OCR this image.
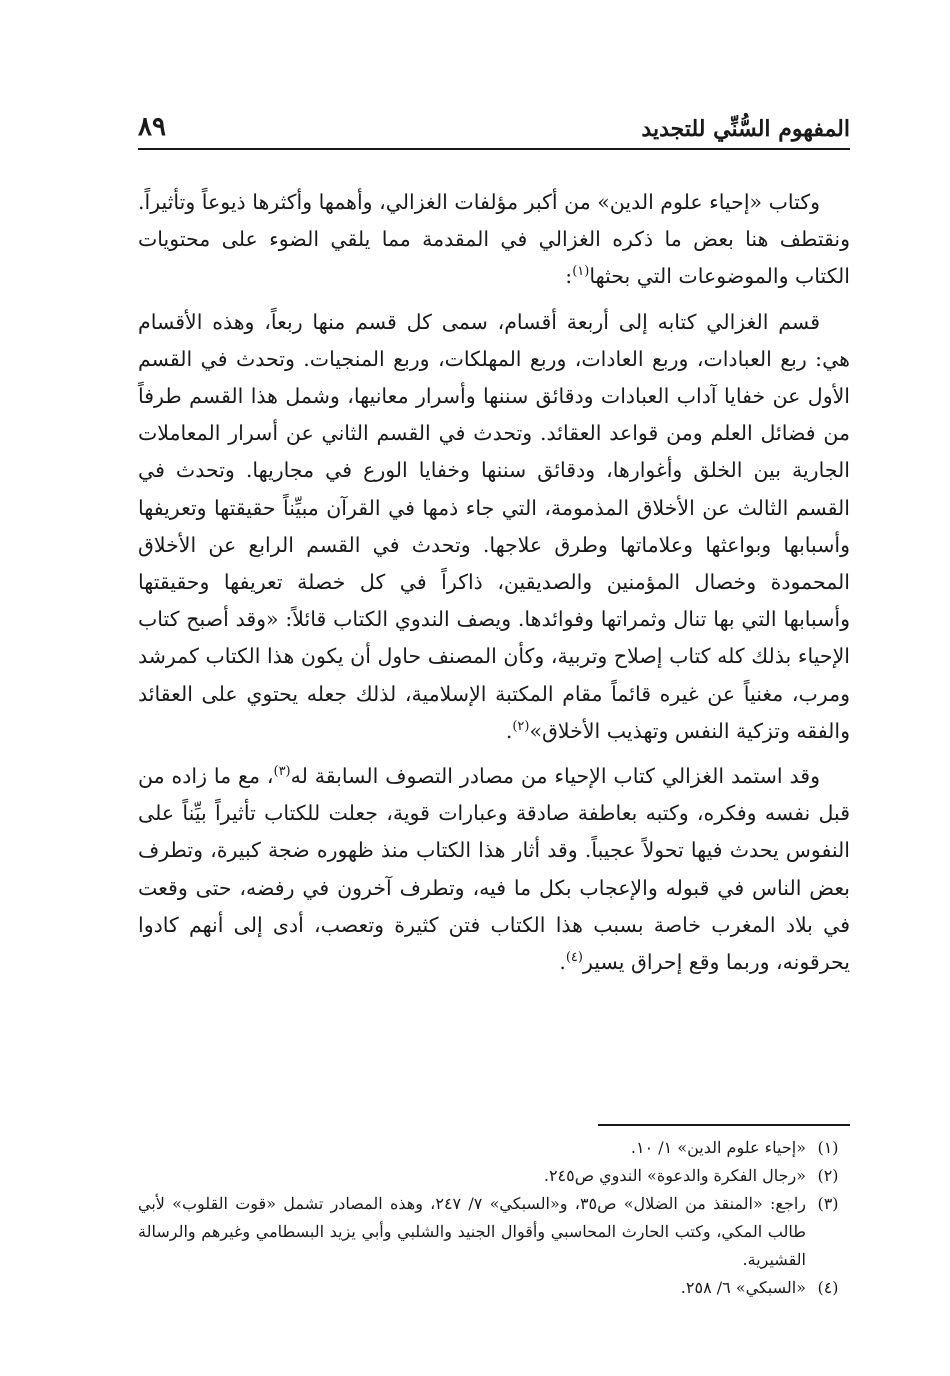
المفهوم السُّنِّي للتجديد
٨٩

وكتاب «إحياء علوم الدين» من أكبر مؤلفات الغزالي، وأهمها وأكثرها ذيوعاً وتأثيراً. ونقتطف هنا بعض ما ذكره الغزالي في المقدمة مما يلقي الضوء على محتويات الكتاب والموضوعات التي بحثها$^{(١)}$:

قسم الغزالي كتابه إلى أربعة أقسام، سمى كل قسم منها ربعاً، وهذه الأقسام هي: ربع العبادات، وربع العادات، وربع المهلكات، وربع المنجيات. وتحدث في القسم الأول عن خفايا آداب العبادات ودقائق سننها وأسرار معانيها، وشمل هذا القسم طرفاً من فضائل العلم ومن قواعد العقائد. وتحدث في القسم الثاني عن أسرار المعاملات الجارية بين الخلق وأغوارها، ودقائق سننها وخفايا الورع في مجاريها. وتحدث في القسم الثالث عن الأخلاق المذمومة، التي جاء ذمها في القرآن مبيِّناً حقيقتها وتعريفها وأسبابها وبواعثها وعلاماتها وطرق علاجها. وتحدث في القسم الرابع عن الأخلاق المحمودة وخصال المؤمنين والصديقين، ذاكراً في كل خصلة تعريفها وحقيقتها وأسبابها التي بها تنال وثمراتها وفوائدها. ويصف الندوي الكتاب قائلاً: «وقد أصبح كتاب الإحياء بذلك كله كتاب إصلاح وتربية، وكأن المصنف حاول أن يكون هذا الكتاب كمرشد ومرب، مغنياً عن غيره قائماً مقام المكتبة الإسلامية، لذلك جعله يحتوي على العقائد والفقه وتزكية النفس وتهذيب الأخلاق»$^{(٢)}$.

وقد استمد الغزالي كتاب الإحياء من مصادر التصوف السابقة له$^{(٣)}$، مع ما زاده من قبل نفسه وفكره، وكتبه بعاطفة صادقة وعبارات قوية، جعلت للكتاب تأثيراً بيِّناً على النفوس يحدث فيها تحولاً عجيباً. وقد أثار هذا الكتاب منذ ظهوره ضجة كبيرة، وتطرف بعض الناس في قبوله والإعجاب بكل ما فيه، وتطرف آخرون في رفضه، حتى وقعت في بلاد المغرب خاصة بسبب هذا الكتاب فتن كثيرة وتعصب، أدى إلى أنهم كادوا يحرقونه، وربما وقع إحراق يسير$^{(٤)}$.

(١)
«إحياء علوم الدين» ١/ ١٠.
(٢)
«رجال الفكرة والدعوة» الندوي ص٢٤٥.
(٣)
راجع: «المنقذ من الضلال» ص٣٥، و«السبكي» ٧/ ٢٤٧، وهذه المصادر تشمل «قوت القلوب» لأبي طالب المكي، وكتب الحارث المحاسبي وأقوال الجنيد والشلبي وأبي يزيد البسطامي وغيرهم والرسالة القشيرية.
(٤)
«السبكي» ٦/ ٢٥٨.
